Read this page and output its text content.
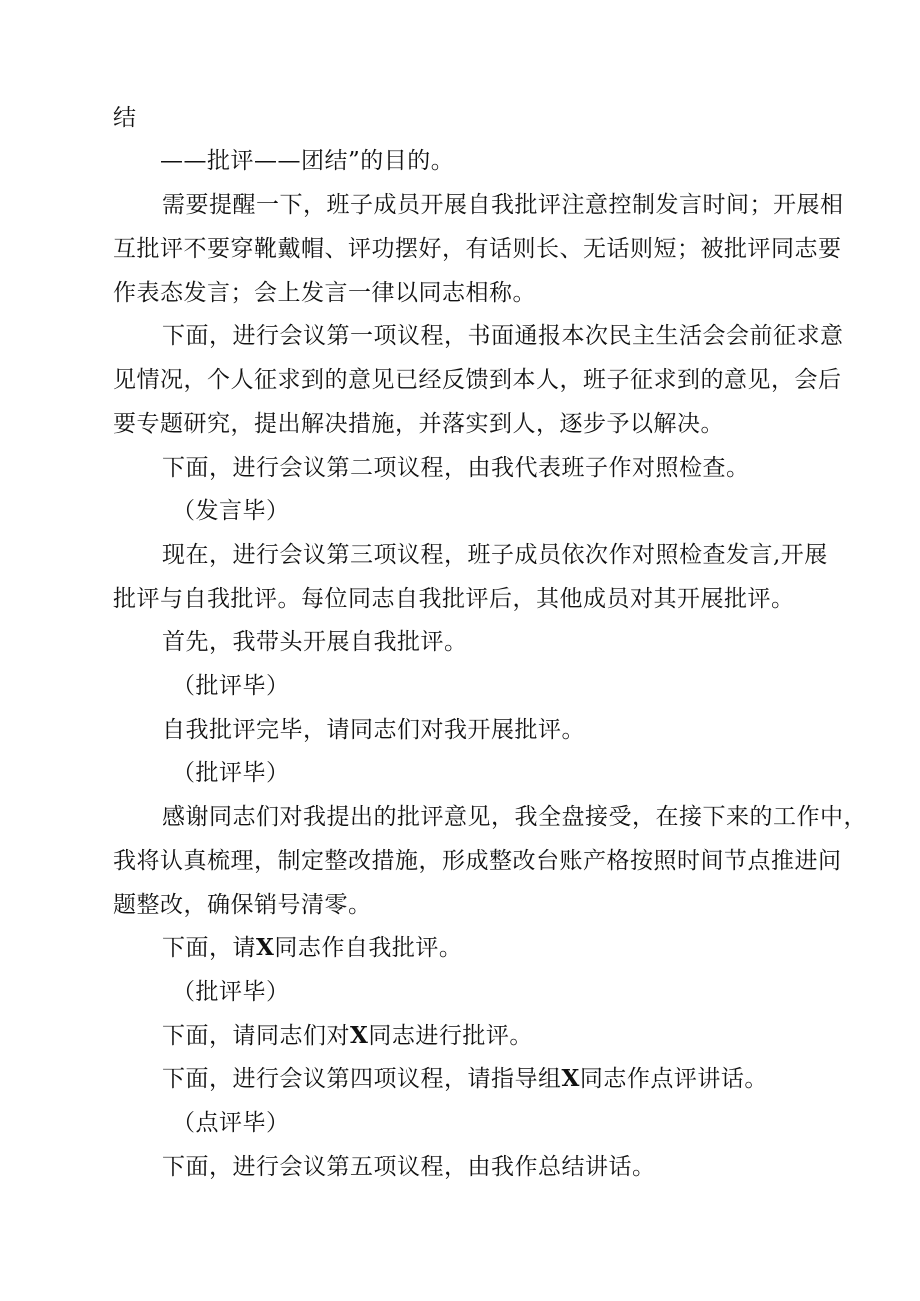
结
——批评——团结”的目的。
需要提醒一下，班子成员开展自我批评注意控制发言时间；开展相
互批评不要穿靴戴帽、评功摆好，有话则长、无话则短；被批评同志要
作表态发言；会上发言一律以同志相称。
下面，进行会议第一项议程，书面通报本次民主生活会会前征求意
见情况，个人征求到的意见已经反馈到本人，班子征求到的意见，会后
要专题研究，提出解决措施，并落实到人，逐步予以解决。
下面，进行会议第二项议程，由我代表班子作对照检查。
（发言毕）
现在，进行会议第三项议程，班子成员依次作对照检查发言,开展
批评与自我批评。每位同志自我批评后，其他成员对其开展批评。
首先，我带头开展自我批评。
（批评毕）
自我批评完毕，请同志们对我开展批评。
（批评毕）
感谢同志们对我提出的批评意见，我全盘接受，在接下来的工作中，
我将认真梳理，制定整改措施，形成整改台账产格按照时间节点推进问
题整改，确保销号清零。
下面，请X同志作自我批评。
（批评毕）
下面，请同志们对X同志进行批评。
下面，进行会议第四项议程，请指导组X同志作点评讲话。
（点评毕）
下面，进行会议第五项议程，由我作总结讲话。
